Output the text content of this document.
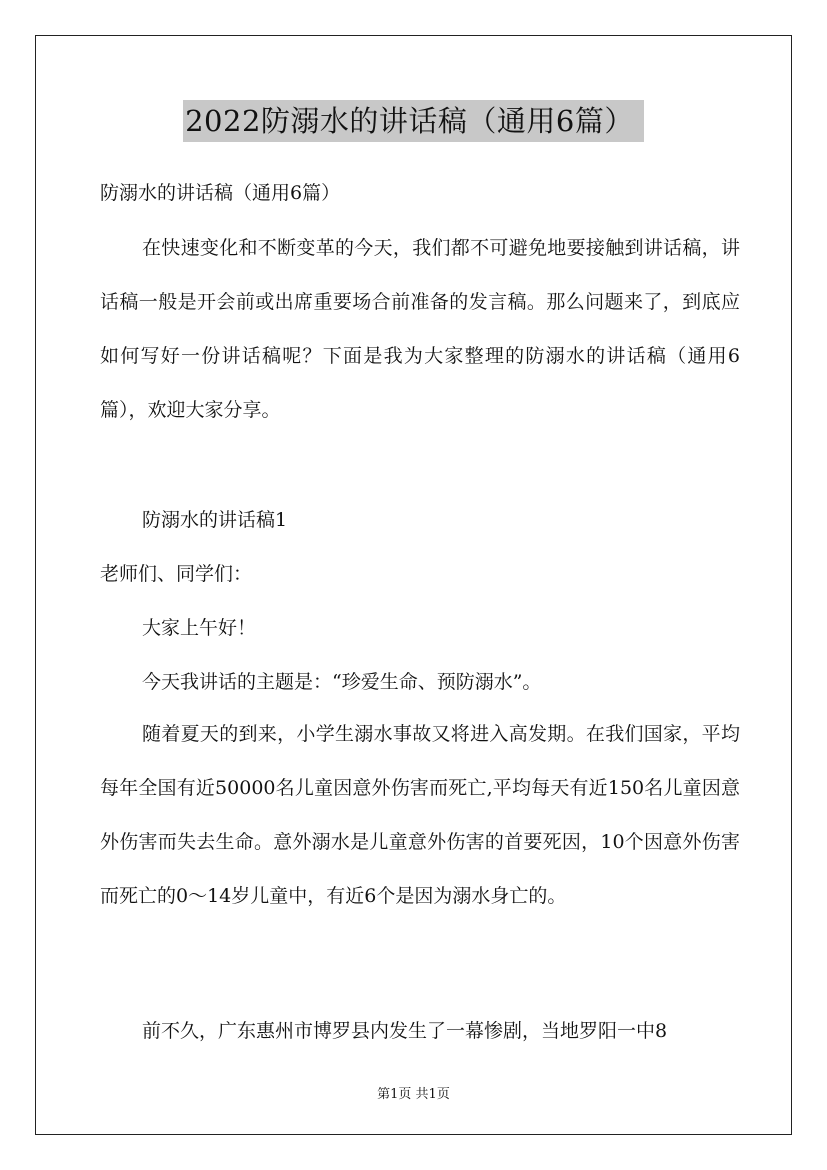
2022防溺水的讲话稿（通用6篇）

防溺水的讲话稿（通用6篇）

在快速变化和不断变革的今天，我们都不可避免地要接触到讲话稿，讲话稿一般是开会前或出席重要场合前准备的发言稿。那么问题来了，到底应如何写好一份讲话稿呢？下面是我为大家整理的防溺水的讲话稿（通用6篇），欢迎大家分享。

防溺水的讲话稿1

老师们、同学们：

大家上午好！

今天我讲话的主题是：“珍爱生命、预防溺水”。

随着夏天的到来，小学生溺水事故又将进入高发期。在我们国家，平均每年全国有近50000名儿童因意外伤害而死亡,平均每天有近150名儿童因意外伤害而失去生命。意外溺水是儿童意外伤害的首要死因，10个因意外伤害而死亡的0～14岁儿童中，有近6个是因为溺水身亡的。

前不久，广东惠州市博罗县内发生了一幕惨剧，当地罗阳一中8

第1页 共1页
